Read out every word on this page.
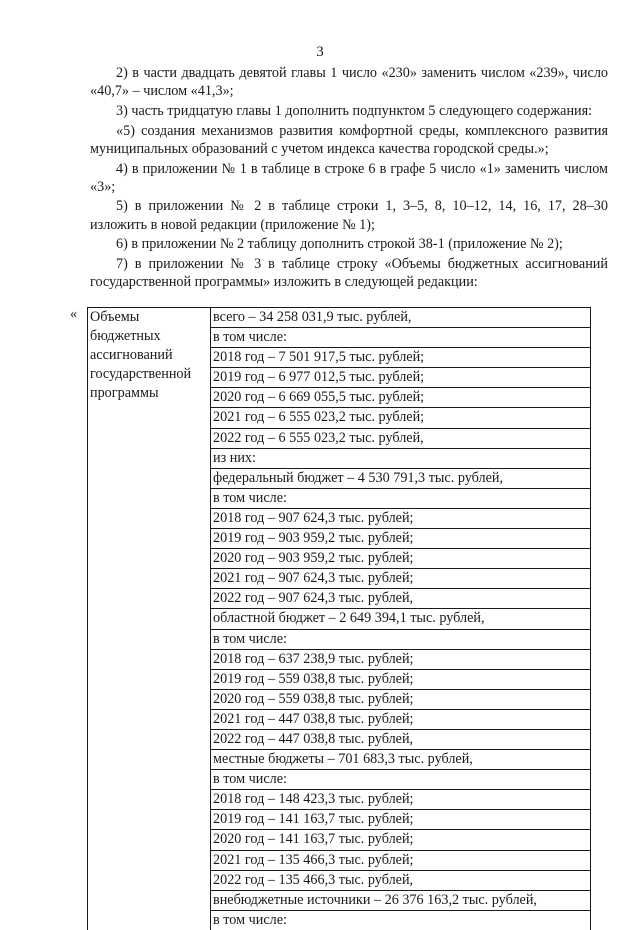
3

2) в части двадцать девятой главы 1 число «230» заменить числом «239», число «40,7» – числом «41,3»;

3) часть тридцатую главы 1 дополнить подпунктом 5 следующего содержания:

«5) создания механизмов развития комфортной среды, комплексного развития муниципальных образований с учетом индекса качества городской среды.»;

4) в приложении № 1 в таблице в строке 6 в графе 5 число «1» заменить числом «3»;

5) в приложении № 2 в таблице строки 1, 3–5, 8, 10–12, 14, 16, 17, 28–30 изложить в новой редакции (приложение № 1);

6) в приложении № 2 таблицу дополнить строкой 38-1 (приложение № 2);

7) в приложении № 3 в таблице строку «Объемы бюджетных ассигнований государственной программы» изложить в следующей редакции:

« Объемы
бюджетных
ассигнований
государственной
программы

всего – 34 258 031,9 тыс. рублей,
в том числе:
2018 год – 7 501 917,5 тыс. рублей;
2019 год – 6 977 012,5 тыс. рублей;
2020 год – 6 669 055,5 тыс. рублей;
2021 год – 6 555 023,2 тыс. рублей;
2022 год – 6 555 023,2 тыс. рублей,
из них:
федеральный бюджет – 4 530 791,3 тыс. рублей,
в том числе:
2018 год – 907 624,3 тыс. рублей;
2019 год – 903 959,2 тыс. рублей;
2020 год – 903 959,2 тыс. рублей;
2021 год – 907 624,3 тыс. рублей;
2022 год – 907 624,3 тыс. рублей,
областной бюджет – 2 649 394,1 тыс. рублей,
в том числе:
2018 год – 637 238,9 тыс. рублей;
2019 год – 559 038,8 тыс. рублей;
2020 год – 559 038,8 тыс. рублей;
2021 год – 447 038,8 тыс. рублей;
2022 год – 447 038,8 тыс. рублей,
местные бюджеты – 701 683,3 тыс. рублей,
в том числе:
2018 год – 148 423,3 тыс. рублей;
2019 год – 141 163,7 тыс. рублей;
2020 год – 141 163,7 тыс. рублей;
2021 год – 135 466,3 тыс. рублей;
2022 год – 135 466,3 тыс. рублей,
внебюджетные источники – 26 376 163,2 тыс. рублей,
в том числе:
